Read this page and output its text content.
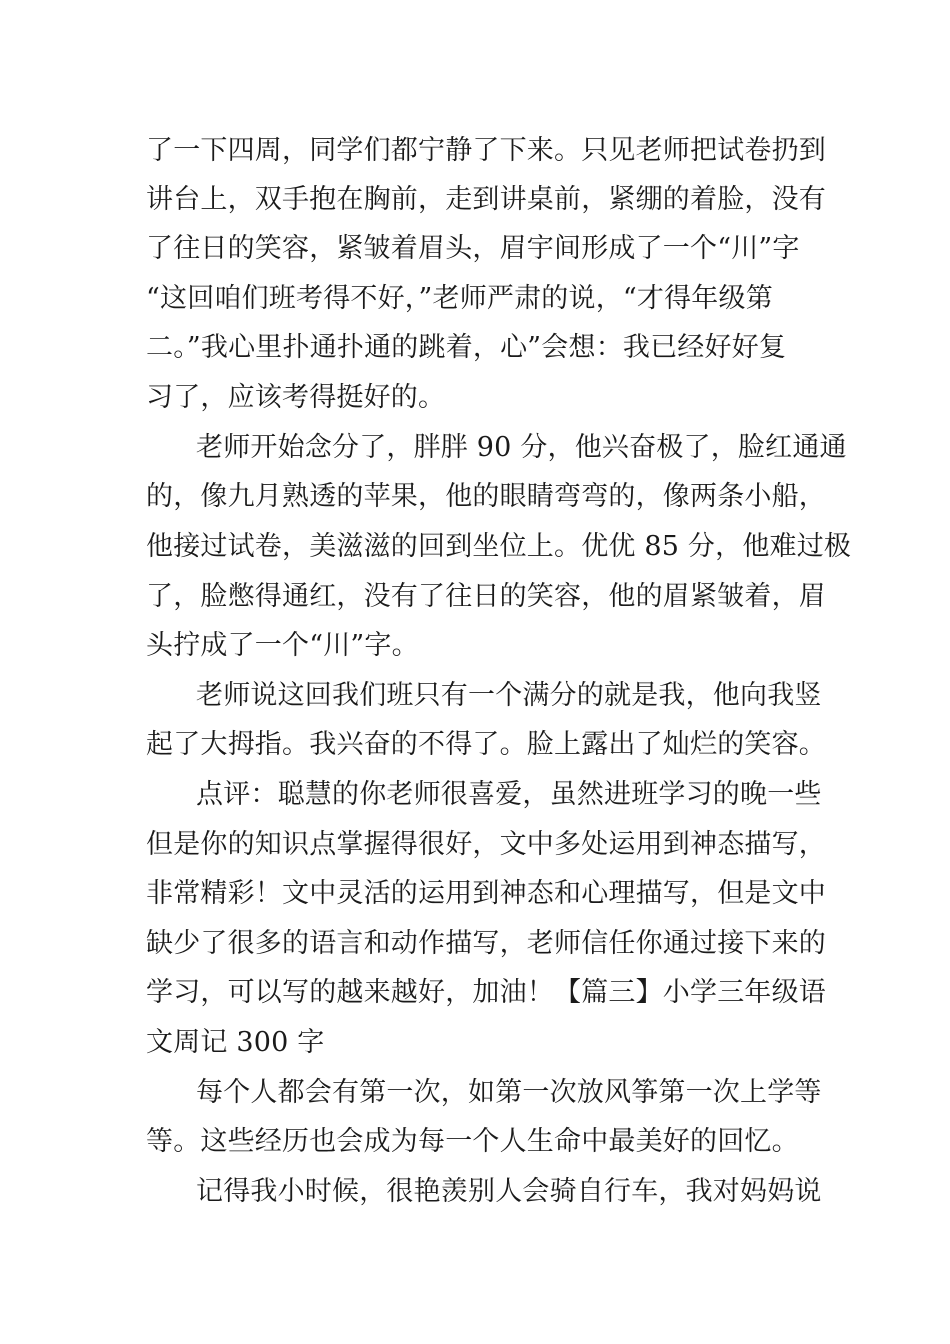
了一下四周，同学们都宁静了下来。只见老师把试卷扔到
讲台上，双手抱在胸前，走到讲桌前，紧绷的着脸，没有
了往日的笑容，紧皱着眉头，眉宇间形成了一个“川”字
“这回咱们班考得不好，”老师严肃的说，“才得年级第
二。”我心里扑通扑通的跳着，心”会想：我已经好好复
习了，应该考得挺好的。
老师开始念分了，胖胖 90 分，他兴奋极了，脸红通通
的，像九月熟透的苹果，他的眼睛弯弯的，像两条小船，
他接过试卷，美滋滋的回到坐位上。优优 85 分，他难过极
了，脸憋得通红，没有了往日的笑容，他的眉紧皱着，眉
头拧成了一个“川”字。
老师说这回我们班只有一个满分的就是我，他向我竖
起了大拇指。我兴奋的不得了。脸上露出了灿烂的笑容。
点评：聪慧的你老师很喜爱，虽然进班学习的晚一些
但是你的知识点掌握得很好，文中多处运用到神态描写，
非常精彩！文中灵活的运用到神态和心理描写，但是文中
缺少了很多的语言和动作描写，老师信任你通过接下来的
学习，可以写的越来越好，加油！【篇三】小学三年级语
文周记 300 字
每个人都会有第一次，如第一次放风筝第一次上学等
等。这些经历也会成为每一个人生命中最美好的回忆。
记得我小时候，很艳羡别人会骑自行车，我对妈妈说
